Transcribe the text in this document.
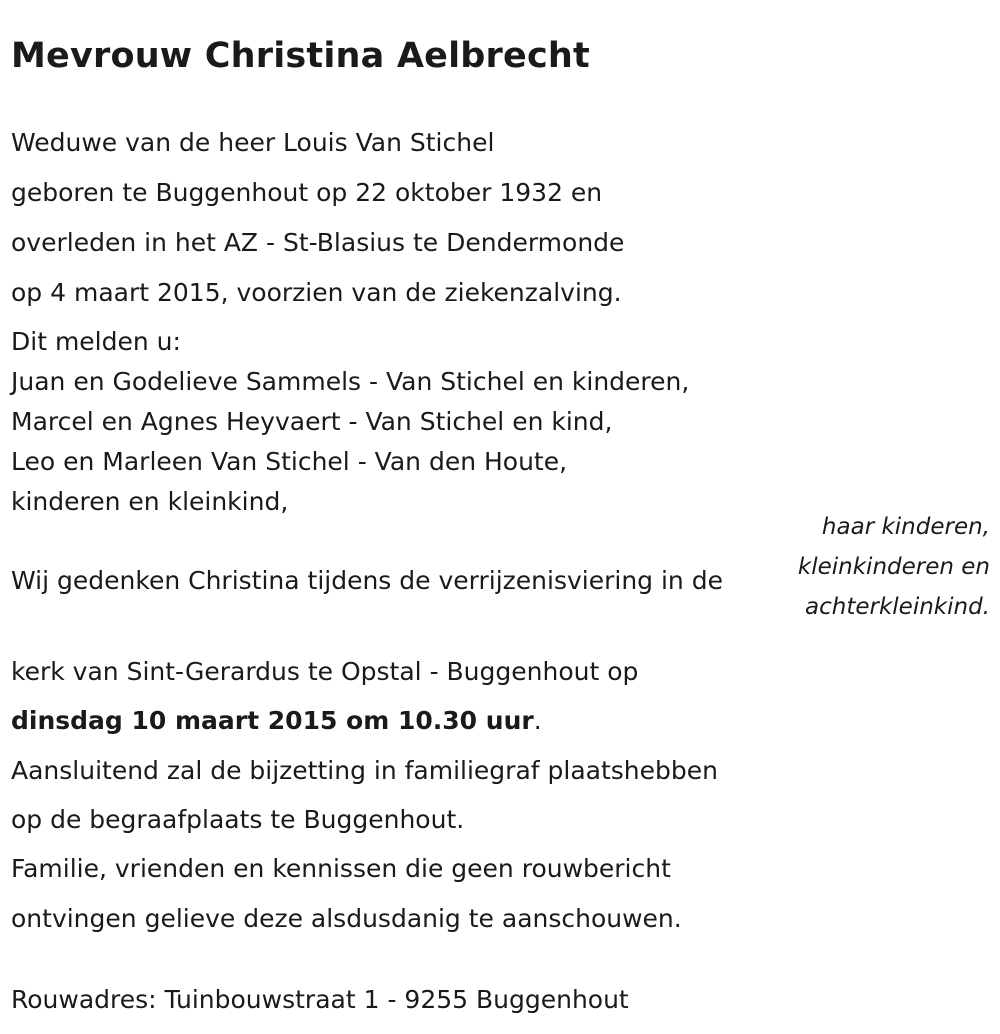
Mevrouw Christina Aelbrecht
Weduwe van de heer Louis Van Stichel
geboren te Buggenhout op 22 oktober 1932 en
overleden in het AZ - St-Blasius te Dendermonde
op 4 maart 2015, voorzien van de ziekenzalving.
Dit melden u:
Juan en Godelieve Sammels - Van Stichel en kinderen,
Marcel en Agnes Heyvaert - Van Stichel en kind,
Leo en Marleen Van Stichel - Van den Houte,
kinderen en kleinkind,
Wij gedenken Christina tijdens de verrijzenisviering in de
kerk van Sint-Gerardus te Opstal - Buggenhout op
dinsdag 10 maart 2015 om 10.30 uur.
Aansluitend zal de bijzetting in familiegraf plaatshebben
op de begraafplaats te Buggenhout.
Familie, vrienden en kennissen die geen rouwbericht
ontvingen gelieve deze alsdusdanig te aanschouwen.
Rouwadres: Tuinbouwstraat 1 - 9255 Buggenhout
haar kinderen,
kleinkinderen en
achterkleinkind.
